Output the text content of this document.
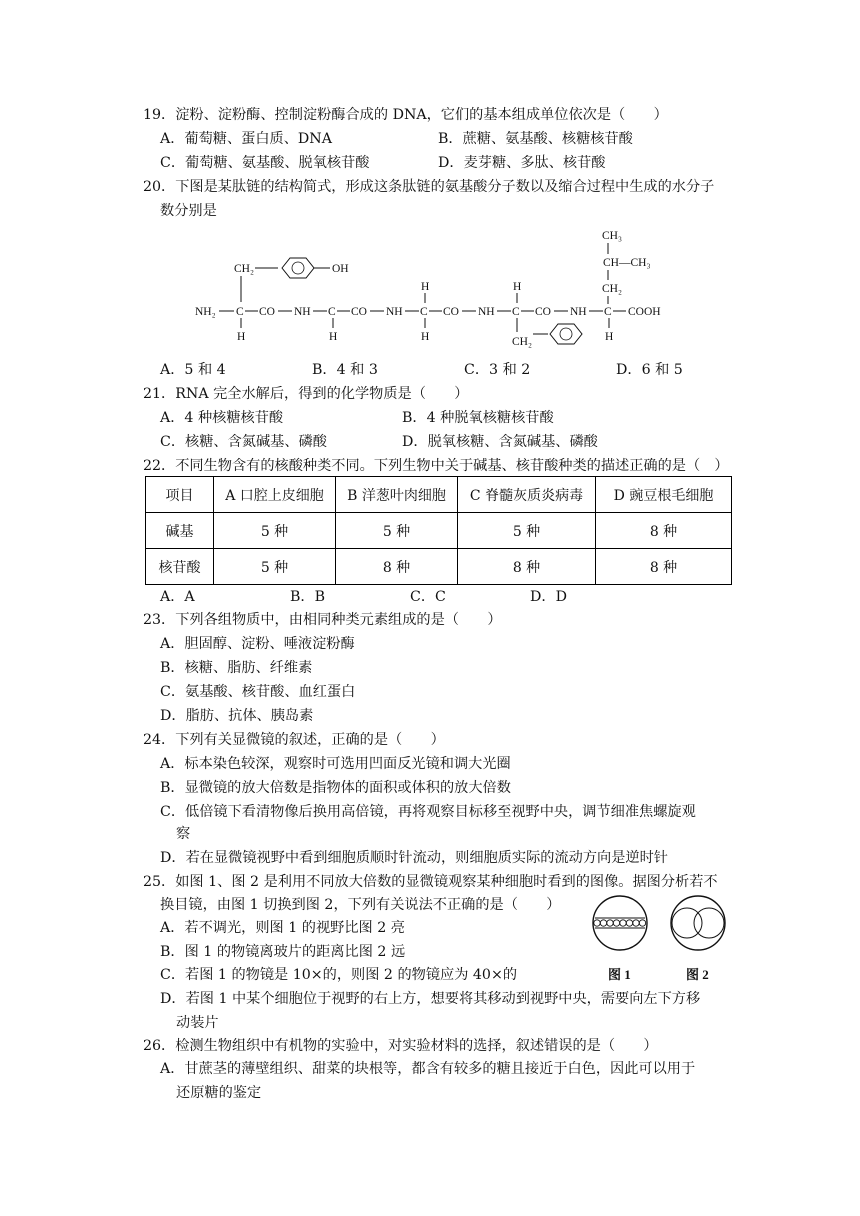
19．淀粉、淀粉酶、控制淀粉酶合成的 DNA，它们的基本组成单位依次是（　　）
A．葡萄糖、蛋白质、DNA	B．蔗糖、氨基酸、核糖核苷酸
C．葡萄糖、氨基酸、脱氧核苷酸	D．麦芽糖、多肽、核苷酸
20．下图是某肽链的结构简式，形成这条肽链的氨基酸分子数以及缩合过程中生成的水分子
数分别是
CH₂	OH
CH₃
CH—CH₃
CH₂
NH₂ C CO NH C CO NH C CO NH C CO NH C COOH
H	H
H	H	H	H
CH₂
A．5 和 4	B．4 和 3	C．3 和 2	D．6 和 5
21．RNA 完全水解后，得到的化学物质是（　　）
A．4 种核糖核苷酸	B．4 种脱氧核糖核苷酸
C．核糖、含氮碱基、磷酸	D．脱氧核糖、含氮碱基、磷酸
22．不同生物含有的核酸种类不同。下列生物中关于碱基、核苷酸种类的描述正确的是（　）
项目	A 口腔上皮细胞	B 洋葱叶肉细胞	C 脊髓灰质炎病毒	D 豌豆根毛细胞
碱基	5 种	5 种	5 种	8 种
核苷酸	5 种	8 种	8 种	8 种
A．A	B．B	C．C	D．D
23．下列各组物质中，由相同种类元素组成的是（　　）
A．胆固醇、淀粉、唾液淀粉酶
B．核糖、脂肪、纤维素
C．氨基酸、核苷酸、血红蛋白
D．脂肪、抗体、胰岛素
24．下列有关显微镜的叙述，正确的是（　　）
A．标本染色较深，观察时可选用凹面反光镜和调大光圈
B．显微镜的放大倍数是指物体的面积或体积的放大倍数
C．低倍镜下看清物像后换用高倍镜，再将观察目标移至视野中央，调节细准焦螺旋观
察
D．若在显微镜视野中看到细胞质顺时针流动，则细胞质实际的流动方向是逆时针
25．如图 1、图 2 是利用不同放大倍数的显微镜观察某种细胞时看到的图像。据图分析若不
换目镜，由图 1 切换到图 2，下列有关说法不正确的是（　　）
A．若不调光，则图 1 的视野比图 2 亮
B．图 1 的物镜离玻片的距离比图 2 远
C．若图 1 的物镜是 10×的，则图 2 的物镜应为 40×的
D．若图 1 中某个细胞位于视野的右上方，想要将其移动到视野中央，需要向左下方移
动装片
图 1	图 2
26．检测生物组织中有机物的实验中，对实验材料的选择，叙述错误的是（　　）
A．甘蔗茎的薄壁组织、甜菜的块根等，都含有较多的糖且接近于白色，因此可以用于
还原糖的鉴定
